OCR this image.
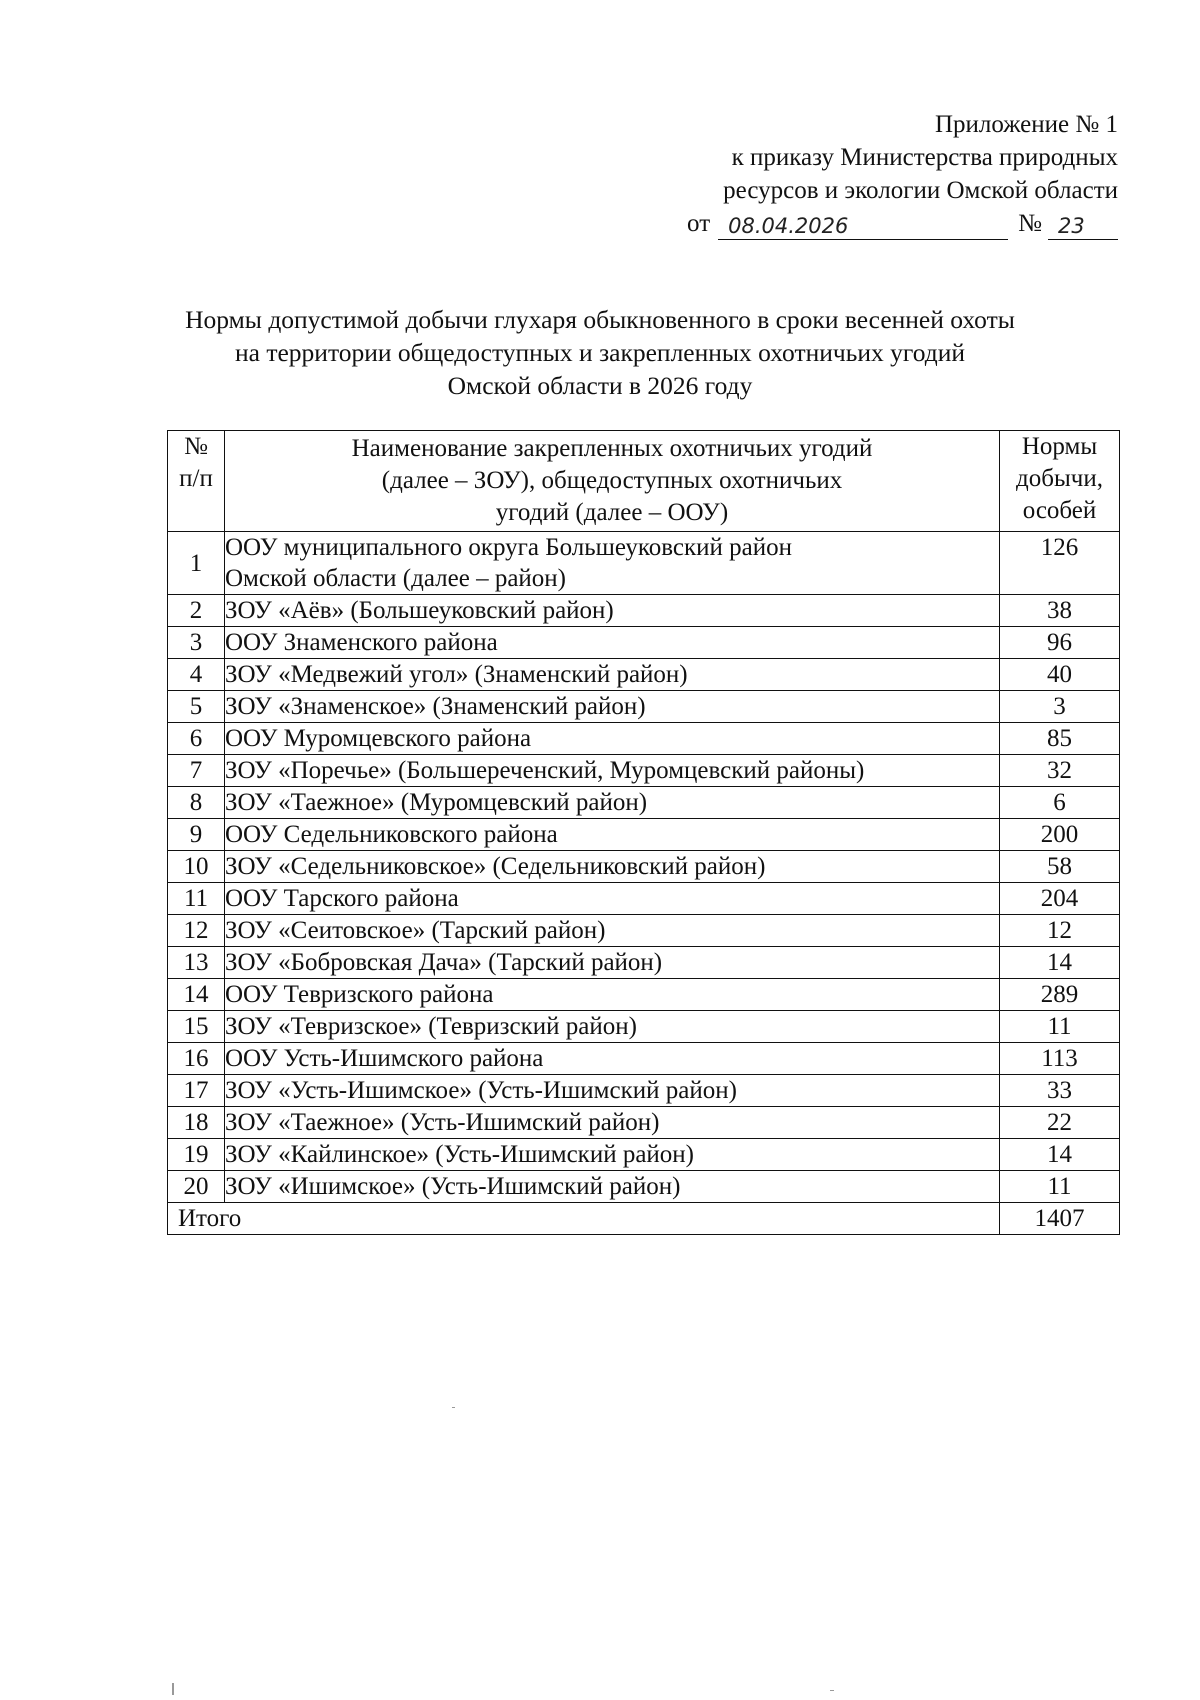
Приложение № 1
к приказу Министерства природных
ресурсов и экологии Омской области
от 08.04.2026	№ 23
Нормы допустимой добычи глухаря обыкновенного в сроки весенней охоты
на территории общедоступных и закрепленных охотничьих угодий
Омской области в 2026 году
№
п/п	Наименование закрепленных охотничьих угодий
(далее – ЗОУ), общедоступных охотничьих
угодий (далее – ООУ)	Нормы
добычи,
особей

1	ООУ муниципального округа Большеуковский район
Омской области (далее – район)	126
2	ЗОУ «Аёв» (Большеуковский район)	38
3	ООУ Знаменского района	96
4	ЗОУ «Медвежий угол» (Знаменский район)	40
5	ЗОУ «Знаменское» (Знаменский район)	3
6	ООУ Муромцевского района	85
7	ЗОУ «Поречье» (Большереченский, Муромцевский районы)	32
8	ЗОУ «Таежное» (Муромцевский район)	6
9	ООУ Седельниковского района	200
10	ЗОУ «Седельниковское» (Седельниковский район)	58
11	ООУ Тарского района	204
12	ЗОУ «Сеитовское» (Тарский район)	12
13	ЗОУ «Бобровская Дача» (Тарский район)	14
14	ООУ Тевризского района	289
15	ЗОУ «Тевризское» (Тевризский район)	11
16	ООУ Усть-Ишимского района	113
17	ЗОУ «Усть-Ишимское» (Усть-Ишимский район)	33
18	ЗОУ «Таежное» (Усть-Ишимский район)	22
19	ЗОУ «Кайлинское» (Усть-Ишимский район)	14
20	ЗОУ «Ишимское» (Усть-Ишимский район)	11
Итого		1407
